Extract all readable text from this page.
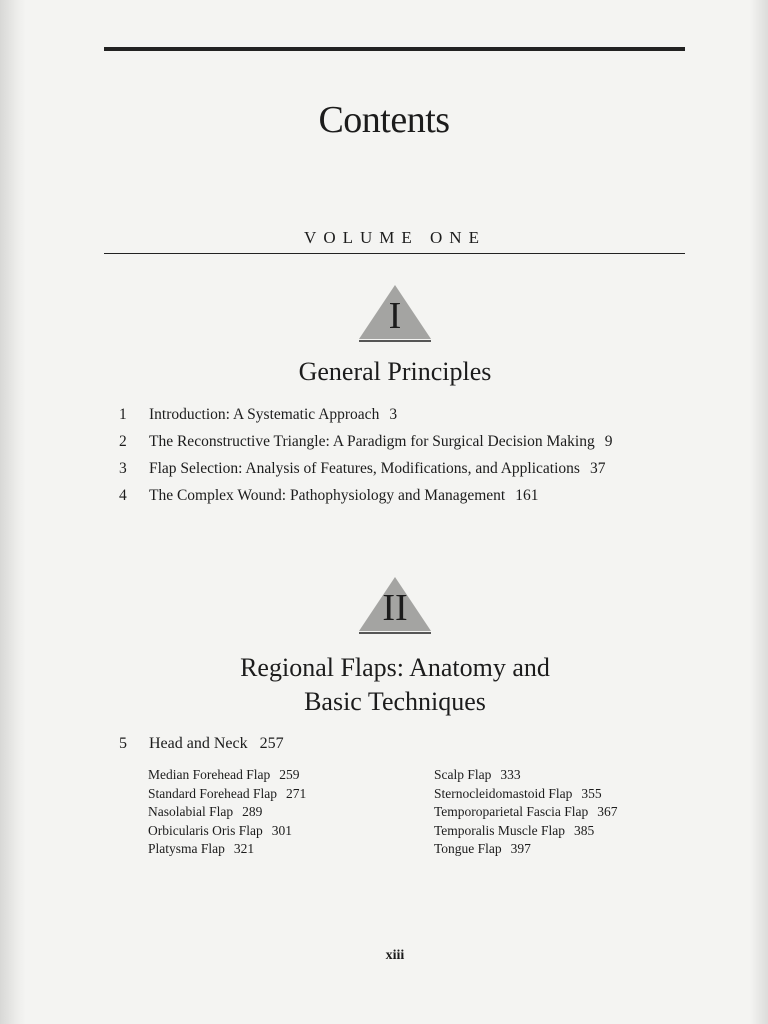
Contents
VOLUME ONE
I
General Principles
1 Introduction: A Systematic Approach 3
2 The Reconstructive Triangle: A Paradigm for Surgical Decision Making 9
3 Flap Selection: Analysis of Features, Modifications, and Applications 37
4 The Complex Wound: Pathophysiology and Management 161
II
Regional Flaps: Anatomy and
Basic Techniques
5 Head and Neck 257
Median Forehead Flap 259
Standard Forehead Flap 271
Nasolabial Flap 289
Orbicularis Oris Flap 301
Platysma Flap 321
Scalp Flap 333
Sternocleidomastoid Flap 355
Temporoparietal Fascia Flap 367
Temporalis Muscle Flap 385
Tongue Flap 397
xiii
